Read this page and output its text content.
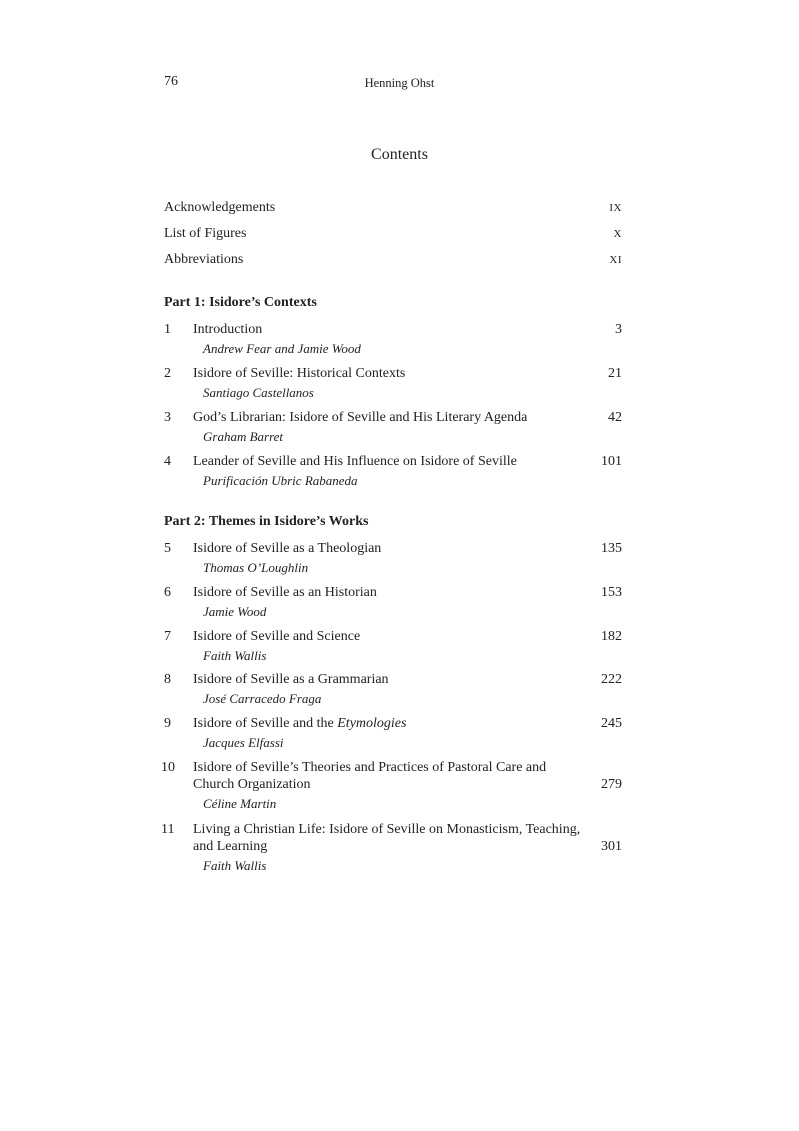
76	Henning Ohst
Contents
Acknowledgements	IX
List of Figures	X
Abbreviations	XI
Part 1: Isidore’s Contexts
1	Introduction	3
Andrew Fear and Jamie Wood
2	Isidore of Seville: Historical Contexts	21
Santiago Castellanos
3	God’s Librarian: Isidore of Seville and His Literary Agenda	42
Graham Barret
4	Leander of Seville and His Influence on Isidore of Seville	101
Purificación Ubric Rabaneda
Part 2: Themes in Isidore’s Works
5	Isidore of Seville as a Theologian	135
Thomas O’Loughlin
6	Isidore of Seville as an Historian	153
Jamie Wood
7	Isidore of Seville and Science	182
Faith Wallis
8	Isidore of Seville as a Grammarian	222
José Carracedo Fraga
9	Isidore of Seville and the Etymologies	245
Jacques Elfassi
10	Isidore of Seville’s Theories and Practices of Pastoral Care and
Church Organization	279
Céline Martin
11	Living a Christian Life: Isidore of Seville on Monasticism, Teaching,
and Learning	301
Faith Wallis
